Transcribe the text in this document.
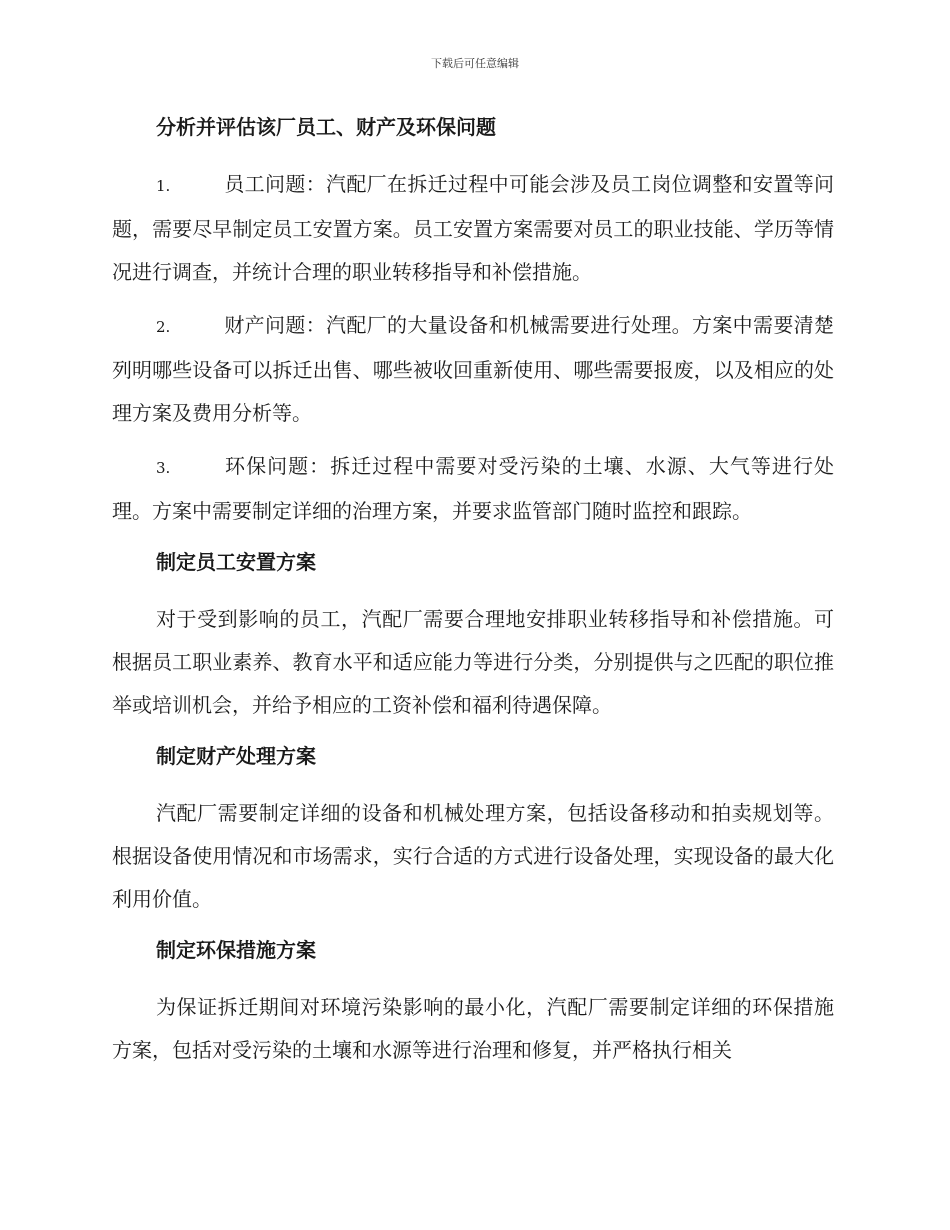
下载后可任意编辑
分析并评估该厂员工、财产及环保问题
1.	员工问题：汽配厂在拆迁过程中可能会涉及员工岗位调整和安置等问题，需要尽早制定员工安置方案。员工安置方案需要对员工的职业技能、学历等情况进行调查，并统计合理的职业转移指导和补偿措施。
2.	财产问题：汽配厂的大量设备和机械需要进行处理。方案中需要清楚列明哪些设备可以拆迁出售、哪些被收回重新使用、哪些需要报废，以及相应的处理方案及费用分析等。
3.	环保问题：拆迁过程中需要对受污染的土壤、水源、大气等进行处理。方案中需要制定详细的治理方案，并要求监管部门随时监控和跟踪。
制定员工安置方案
对于受到影响的员工，汽配厂需要合理地安排职业转移指导和补偿措施。可根据员工职业素养、教育水平和适应能力等进行分类，分别提供与之匹配的职位推举或培训机会，并给予相应的工资补偿和福利待遇保障。
制定财产处理方案
汽配厂需要制定详细的设备和机械处理方案，包括设备移动和拍卖规划等。根据设备使用情况和市场需求，实行合适的方式进行设备处理，实现设备的最大化利用价值。
制定环保措施方案
为保证拆迁期间对环境污染影响的最小化，汽配厂需要制定详细的环保措施方案，包括对受污染的土壤和水源等进行治理和修复，并严格执行相关
